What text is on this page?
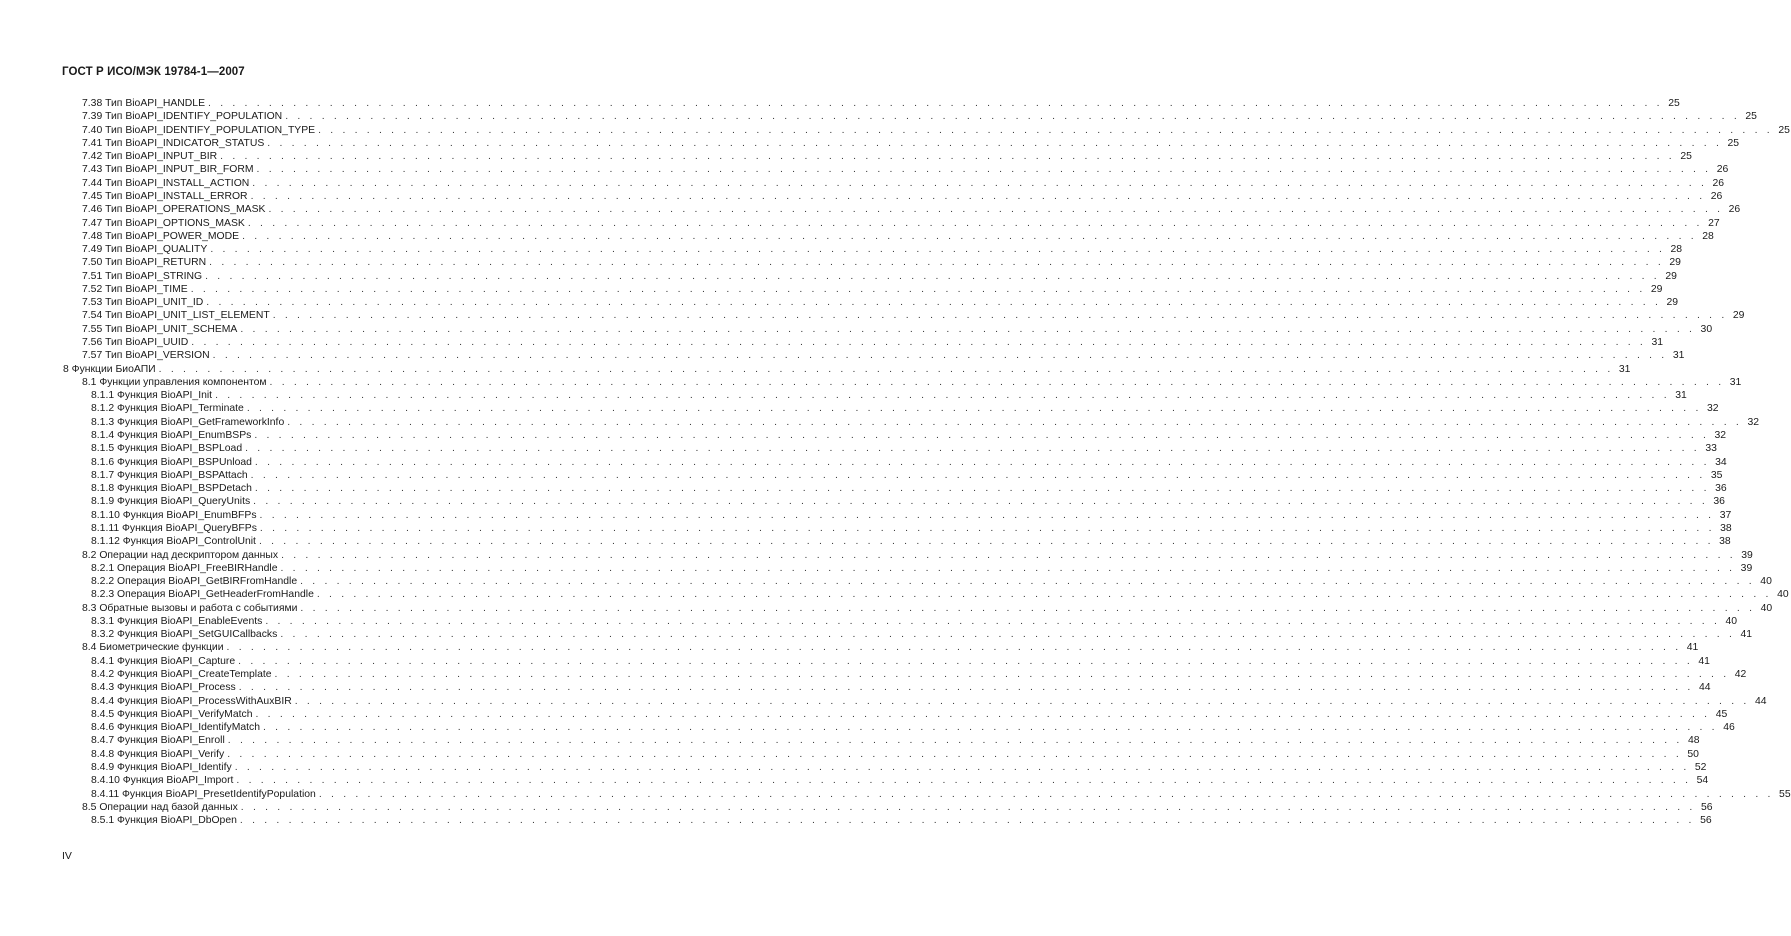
ГОСТ Р ИСО/МЭК 19784-1—2007
7.38 Тип BioAPI_HANDLE . . . . . . . . . . . . . . . . . . . . . . . . . . . . . . . . . . . . . . . . . . . . . . . . . . . . . . . . . . . . . . . . . . . . . . . . . . . . . . . . . . . . . . . . . . . . . . . . . . . . . . . . . . . . . . . . . . . . . . . . 25
7.39 Тип BioAPI_IDENTIFY_POPULATION . . . . . . . . . . . . . . . . . . . . . . . . . . . . . . . . . . . . . . . . . . . . . . . . . . . . . . . . . . . . . . . . . . . . . . . . . . . . . . . . . . . . . . . . . . . . . . . . . . . . . . . . . . . . . . . . . . . . . . . . 25
7.40 Тип BioAPI_IDENTIFY_POPULATION_TYPE . . . . . . . . . . . . . . . . . . . . . . . . . . . . . . . . . . . . . . . . . . . . . . . . . . . . . . . . . . . . . . . . . . . . . . . . . . . . . . . . . . . . . . . . . . . . . . . . . . . . . . . . . . . . . . . . . . . . . . . . 25
7.41 Тип BioAPI_INDICATOR_STATUS . . . . . . . . . . . . . . . . . . . . . . . . . . . . . . . . . . . . . . . . . . . . . . . . . . . . . . . . . . . . . . . . . . . . . . . . . . . . . . . . . . . . . . . . . . . . . . . . . . . . . . . . . . . . . . . . . . . . . . . . 25
7.42 Тип BioAPI_INPUT_BIR . . . . . . . . . . . . . . . . . . . . . . . . . . . . . . . . . . . . . . . . . . . . . . . . . . . . . . . . . . . . . . . . . . . . . . . . . . . . . . . . . . . . . . . . . . . . . . . . . . . . . . . . . . . . . . . . . . . . . . . . 25
7.43 Тип BioAPI_INPUT_BIR_FORM . . . . . . . . . . . . . . . . . . . . . . . . . . . . . . . . . . . . . . . . . . . . . . . . . . . . . . . . . . . . . . . . . . . . . . . . . . . . . . . . . . . . . . . . . . . . . . . . . . . . . . . . . . . . . . . . . . . . . . . . 26
7.44 Тип BioAPI_INSTALL_ACTION . . . . . . . . . . . . . . . . . . . . . . . . . . . . . . . . . . . . . . . . . . . . . . . . . . . . . . . . . . . . . . . . . . . . . . . . . . . . . . . . . . . . . . . . . . . . . . . . . . . . . . . . . . . . . . . . . . . . . . . . 26
7.45 Тип BioAPI_INSTALL_ERROR . . . . . . . . . . . . . . . . . . . . . . . . . . . . . . . . . . . . . . . . . . . . . . . . . . . . . . . . . . . . . . . . . . . . . . . . . . . . . . . . . . . . . . . . . . . . . . . . . . . . . . . . . . . . . . . . . . . . . . . . 26
7.46 Тип BioAPI_OPERATIONS_MASK . . . . . . . . . . . . . . . . . . . . . . . . . . . . . . . . . . . . . . . . . . . . . . . . . . . . . . . . . . . . . . . . . . . . . . . . . . . . . . . . . . . . . . . . . . . . . . . . . . . . . . . . . . . . . . . . . . . . . . . . 26
7.47 Тип BioAPI_OPTIONS_MASK . . . . . . . . . . . . . . . . . . . . . . . . . . . . . . . . . . . . . . . . . . . . . . . . . . . . . . . . . . . . . . . . . . . . . . . . . . . . . . . . . . . . . . . . . . . . . . . . . . . . . . . . . . . . . . . . . . . . . . . . 27
7.48 Тип BioAPI_POWER_MODE . . . . . . . . . . . . . . . . . . . . . . . . . . . . . . . . . . . . . . . . . . . . . . . . . . . . . . . . . . . . . . . . . . . . . . . . . . . . . . . . . . . . . . . . . . . . . . . . . . . . . . . . . . . . . . . . . . . . . . . . 28
7.49 Тип BioAPI_QUALITY . . . . . . . . . . . . . . . . . . . . . . . . . . . . . . . . . . . . . . . . . . . . . . . . . . . . . . . . . . . . . . . . . . . . . . . . . . . . . . . . . . . . . . . . . . . . . . . . . . . . . . . . . . . . . . . . . . . . . . . . 28
7.50 Тип BioAPI_RETURN . . . . . . . . . . . . . . . . . . . . . . . . . . . . . . . . . . . . . . . . . . . . . . . . . . . . . . . . . . . . . . . . . . . . . . . . . . . . . . . . . . . . . . . . . . . . . . . . . . . . . . . . . . . . . . . . . . . . . . . . 29
7.51 Тип BioAPI_STRING . . . . . . . . . . . . . . . . . . . . . . . . . . . . . . . . . . . . . . . . . . . . . . . . . . . . . . . . . . . . . . . . . . . . . . . . . . . . . . . . . . . . . . . . . . . . . . . . . . . . . . . . . . . . . . . . . . . . . . . . 29
7.52 Тип BioAPI_TIME . . . . . . . . . . . . . . . . . . . . . . . . . . . . . . . . . . . . . . . . . . . . . . . . . . . . . . . . . . . . . . . . . . . . . . . . . . . . . . . . . . . . . . . . . . . . . . . . . . . . . . . . . . . . . . . . . . . . . . . . 29
7.53 Тип BioAPI_UNIT_ID . . . . . . . . . . . . . . . . . . . . . . . . . . . . . . . . . . . . . . . . . . . . . . . . . . . . . . . . . . . . . . . . . . . . . . . . . . . . . . . . . . . . . . . . . . . . . . . . . . . . . . . . . . . . . . . . . . . . . . . . 29
7.54 Тип BioAPI_UNIT_LIST_ELEMENT . . . . . . . . . . . . . . . . . . . . . . . . . . . . . . . . . . . . . . . . . . . . . . . . . . . . . . . . . . . . . . . . . . . . . . . . . . . . . . . . . . . . . . . . . . . . . . . . . . . . . . . . . . . . . . . . . . . . . . . . 29
7.55 Тип BioAPI_UNIT_SCHEMA . . . . . . . . . . . . . . . . . . . . . . . . . . . . . . . . . . . . . . . . . . . . . . . . . . . . . . . . . . . . . . . . . . . . . . . . . . . . . . . . . . . . . . . . . . . . . . . . . . . . . . . . . . . . . . . . . . . . . . . . 30
7.56 Тип BioAPI_UUID . . . . . . . . . . . . . . . . . . . . . . . . . . . . . . . . . . . . . . . . . . . . . . . . . . . . . . . . . . . . . . . . . . . . . . . . . . . . . . . . . . . . . . . . . . . . . . . . . . . . . . . . . . . . . . . . . . . . . . . . 31
7.57 Тип BioAPI_VERSION . . . . . . . . . . . . . . . . . . . . . . . . . . . . . . . . . . . . . . . . . . . . . . . . . . . . . . . . . . . . . . . . . . . . . . . . . . . . . . . . . . . . . . . . . . . . . . . . . . . . . . . . . . . . . . . . . . . . . . . . 31
8 Функции БиоАПИ . . . . . . . . . . . . . . . . . . . . . . . . . . . . . . . . . . . . . . . . . . . . . . . . . . . . . . . . . . . . . . . . . . . . . . . . . . . . . . . . . . . . . . . . . . . . . . . . . . . . . . . . . . . . . . . . . . . . . . . . 31
8.1 Функции управления компонентом . . . . . . . . . . . . . . . . . . . . . . . . . . . . . . . . . . . . . . . . . . . . . . . . . . . . . . . . . . . . . . . . . . . . . . . . . . . . . . . . . . . . . . . . . . . . . . . . . . . . . . . . . . . . . . . . . . . . . . . . 31
8.1.1 Функция BioAPI_Init . . . . . . . . . . . . . . . . . . . . . . . . . . . . . . . . . . . . . . . . . . . . . . . . . . . . . . . . . . . . . . . . . . . . . . . . . . . . . . . . . . . . . . . . . . . . . . . . . . . . . . . . . . . . . . . . . . . . . . . . 31
8.1.2 Функция BioAPI_Terminate . . . . . . . . . . . . . . . . . . . . . . . . . . . . . . . . . . . . . . . . . . . . . . . . . . . . . . . . . . . . . . . . . . . . . . . . . . . . . . . . . . . . . . . . . . . . . . . . . . . . . . . . . . . . . . . . . . . . . . . . 32
8.1.3 Функция BioAPI_GetFrameworkInfo . . . . . . . . . . . . . . . . . . . . . . . . . . . . . . . . . . . . . . . . . . . . . . . . . . . . . . . . . . . . . . . . . . . . . . . . . . . . . . . . . . . . . . . . . . . . . . . . . . . . . . . . . . . . . . . . . . . . . . . . 32
8.1.4 Функция BioAPI_EnumBSPs . . . . . . . . . . . . . . . . . . . . . . . . . . . . . . . . . . . . . . . . . . . . . . . . . . . . . . . . . . . . . . . . . . . . . . . . . . . . . . . . . . . . . . . . . . . . . . . . . . . . . . . . . . . . . . . . . . . . . . . . 32
8.1.5 Функция BioAPI_BSPLoad . . . . . . . . . . . . . . . . . . . . . . . . . . . . . . . . . . . . . . . . . . . . . . . . . . . . . . . . . . . . . . . . . . . . . . . . . . . . . . . . . . . . . . . . . . . . . . . . . . . . . . . . . . . . . . . . . . . . . . . . 33
8.1.6 Функция BioAPI_BSPUnload . . . . . . . . . . . . . . . . . . . . . . . . . . . . . . . . . . . . . . . . . . . . . . . . . . . . . . . . . . . . . . . . . . . . . . . . . . . . . . . . . . . . . . . . . . . . . . . . . . . . . . . . . . . . . . . . . . . . . . . . 34
8.1.7 Функция BioAPI_BSPAttach . . . . . . . . . . . . . . . . . . . . . . . . . . . . . . . . . . . . . . . . . . . . . . . . . . . . . . . . . . . . . . . . . . . . . . . . . . . . . . . . . . . . . . . . . . . . . . . . . . . . . . . . . . . . . . . . . . . . . . . . 35
8.1.8 Функция BioAPI_BSPDetach . . . . . . . . . . . . . . . . . . . . . . . . . . . . . . . . . . . . . . . . . . . . . . . . . . . . . . . . . . . . . . . . . . . . . . . . . . . . . . . . . . . . . . . . . . . . . . . . . . . . . . . . . . . . . . . . . . . . . . . . 36
8.1.9 Функция BioAPI_QueryUnits . . . . . . . . . . . . . . . . . . . . . . . . . . . . . . . . . . . . . . . . . . . . . . . . . . . . . . . . . . . . . . . . . . . . . . . . . . . . . . . . . . . . . . . . . . . . . . . . . . . . . . . . . . . . . . . . . . . . . . . . 36
8.1.10 Функция BioAPI_EnumBFPs . . . . . . . . . . . . . . . . . . . . . . . . . . . . . . . . . . . . . . . . . . . . . . . . . . . . . . . . . . . . . . . . . . . . . . . . . . . . . . . . . . . . . . . . . . . . . . . . . . . . . . . . . . . . . . . . . . . . . . . . 37
8.1.11 Функция BioAPI_QueryBFPs . . . . . . . . . . . . . . . . . . . . . . . . . . . . . . . . . . . . . . . . . . . . . . . . . . . . . . . . . . . . . . . . . . . . . . . . . . . . . . . . . . . . . . . . . . . . . . . . . . . . . . . . . . . . . . . . . . . . . . . . 38
8.1.12 Функция BioAPI_ControlUnit . . . . . . . . . . . . . . . . . . . . . . . . . . . . . . . . . . . . . . . . . . . . . . . . . . . . . . . . . . . . . . . . . . . . . . . . . . . . . . . . . . . . . . . . . . . . . . . . . . . . . . . . . . . . . . . . . . . . . . . . 38
8.2 Операции над дескриптором данных . . . . . . . . . . . . . . . . . . . . . . . . . . . . . . . . . . . . . . . . . . . . . . . . . . . . . . . . . . . . . . . . . . . . . . . . . . . . . . . . . . . . . . . . . . . . . . . . . . . . . . . . . . . . . . . . . . . . . . . . 39
8.2.1 Операция BioAPI_FreeBIRHandle . . . . . . . . . . . . . . . . . . . . . . . . . . . . . . . . . . . . . . . . . . . . . . . . . . . . . . . . . . . . . . . . . . . . . . . . . . . . . . . . . . . . . . . . . . . . . . . . . . . . . . . . . . . . . . . . . . . . . . . . 39
8.2.2 Операция BioAPI_GetBIRFromHandle . . . . . . . . . . . . . . . . . . . . . . . . . . . . . . . . . . . . . . . . . . . . . . . . . . . . . . . . . . . . . . . . . . . . . . . . . . . . . . . . . . . . . . . . . . . . . . . . . . . . . . . . . . . . . . . . . . . . . . . . 40
8.2.3 Операция BioAPI_GetHeaderFromHandle . . . . . . . . . . . . . . . . . . . . . . . . . . . . . . . . . . . . . . . . . . . . . . . . . . . . . . . . . . . . . . . . . . . . . . . . . . . . . . . . . . . . . . . . . . . . . . . . . . . . . . . . . . . . . . . . . . . . . . . . 40
8.3 Обратные вызовы и работа с событиями . . . . . . . . . . . . . . . . . . . . . . . . . . . . . . . . . . . . . . . . . . . . . . . . . . . . . . . . . . . . . . . . . . . . . . . . . . . . . . . . . . . . . . . . . . . . . . . . . . . . . . . . . . . . . . . . . . . . . . . . 40
8.3.1 Функция BioAPI_EnableEvents . . . . . . . . . . . . . . . . . . . . . . . . . . . . . . . . . . . . . . . . . . . . . . . . . . . . . . . . . . . . . . . . . . . . . . . . . . . . . . . . . . . . . . . . . . . . . . . . . . . . . . . . . . . . . . . . . . . . . . . . 40
8.3.2 Функция BioAPI_SetGUICallbacks . . . . . . . . . . . . . . . . . . . . . . . . . . . . . . . . . . . . . . . . . . . . . . . . . . . . . . . . . . . . . . . . . . . . . . . . . . . . . . . . . . . . . . . . . . . . . . . . . . . . . . . . . . . . . . . . . . . . . . . . 41
8.4 Биометрические функции . . . . . . . . . . . . . . . . . . . . . . . . . . . . . . . . . . . . . . . . . . . . . . . . . . . . . . . . . . . . . . . . . . . . . . . . . . . . . . . . . . . . . . . . . . . . . . . . . . . . . . . . . . . . . . . . . . . . . . . . 41
8.4.1 Функция BioAPI_Capture . . . . . . . . . . . . . . . . . . . . . . . . . . . . . . . . . . . . . . . . . . . . . . . . . . . . . . . . . . . . . . . . . . . . . . . . . . . . . . . . . . . . . . . . . . . . . . . . . . . . . . . . . . . . . . . . . . . . . . . . 41
8.4.2 Функция BioAPI_CreateTemplate . . . . . . . . . . . . . . . . . . . . . . . . . . . . . . . . . . . . . . . . . . . . . . . . . . . . . . . . . . . . . . . . . . . . . . . . . . . . . . . . . . . . . . . . . . . . . . . . . . . . . . . . . . . . . . . . . . . . . . . . 42
8.4.3 Функция BioAPI_Process . . . . . . . . . . . . . . . . . . . . . . . . . . . . . . . . . . . . . . . . . . . . . . . . . . . . . . . . . . . . . . . . . . . . . . . . . . . . . . . . . . . . . . . . . . . . . . . . . . . . . . . . . . . . . . . . . . . . . . . . 44
8.4.4 Функция BioAPI_ProcessWithAuxBIR . . . . . . . . . . . . . . . . . . . . . . . . . . . . . . . . . . . . . . . . . . . . . . . . . . . . . . . . . . . . . . . . . . . . . . . . . . . . . . . . . . . . . . . . . . . . . . . . . . . . . . . . . . . . . . . . . . . . . . . . 44
8.4.5 Функция BioAPI_VerifyMatch . . . . . . . . . . . . . . . . . . . . . . . . . . . . . . . . . . . . . . . . . . . . . . . . . . . . . . . . . . . . . . . . . . . . . . . . . . . . . . . . . . . . . . . . . . . . . . . . . . . . . . . . . . . . . . . . . . . . . . . . 45
8.4.6 Функция BioAPI_IdentifyMatch . . . . . . . . . . . . . . . . . . . . . . . . . . . . . . . . . . . . . . . . . . . . . . . . . . . . . . . . . . . . . . . . . . . . . . . . . . . . . . . . . . . . . . . . . . . . . . . . . . . . . . . . . . . . . . . . . . . . . . . . 46
8.4.7 Функция BioAPI_Enroll . . . . . . . . . . . . . . . . . . . . . . . . . . . . . . . . . . . . . . . . . . . . . . . . . . . . . . . . . . . . . . . . . . . . . . . . . . . . . . . . . . . . . . . . . . . . . . . . . . . . . . . . . . . . . . . . . . . . . . . . 48
8.4.8 Функция BioAPI_Verify . . . . . . . . . . . . . . . . . . . . . . . . . . . . . . . . . . . . . . . . . . . . . . . . . . . . . . . . . . . . . . . . . . . . . . . . . . . . . . . . . . . . . . . . . . . . . . . . . . . . . . . . . . . . . . . . . . . . . . . . 50
8.4.9 Функция BioAPI_Identify . . . . . . . . . . . . . . . . . . . . . . . . . . . . . . . . . . . . . . . . . . . . . . . . . . . . . . . . . . . . . . . . . . . . . . . . . . . . . . . . . . . . . . . . . . . . . . . . . . . . . . . . . . . . . . . . . . . . . . . . 52
8.4.10 Функция BioAPI_Import . . . . . . . . . . . . . . . . . . . . . . . . . . . . . . . . . . . . . . . . . . . . . . . . . . . . . . . . . . . . . . . . . . . . . . . . . . . . . . . . . . . . . . . . . . . . . . . . . . . . . . . . . . . . . . . . . . . . . . . . 54
8.4.11 Функция BioAPI_PresetIdentifyPopulation . . . . . . . . . . . . . . . . . . . . . . . . . . . . . . . . . . . . . . . . . . . . . . . . . . . . . . . . . . . . . . . . . . . . . . . . . . . . . . . . . . . . . . . . . . . . . . . . . . . . . . . . . . . . . . . . . . . . . . . . 55
8.5 Операции над базой данных . . . . . . . . . . . . . . . . . . . . . . . . . . . . . . . . . . . . . . . . . . . . . . . . . . . . . . . . . . . . . . . . . . . . . . . . . . . . . . . . . . . . . . . . . . . . . . . . . . . . . . . . . . . . . . . . . . . . . . . . 56
8.5.1 Функция BioAPI_DbOpen . . . . . . . . . . . . . . . . . . . . . . . . . . . . . . . . . . . . . . . . . . . . . . . . . . . . . . . . . . . . . . . . . . . . . . . . . . . . . . . . . . . . . . . . . . . . . . . . . . . . . . . . . . . . . . . . . . . . . . . . 56
IV
